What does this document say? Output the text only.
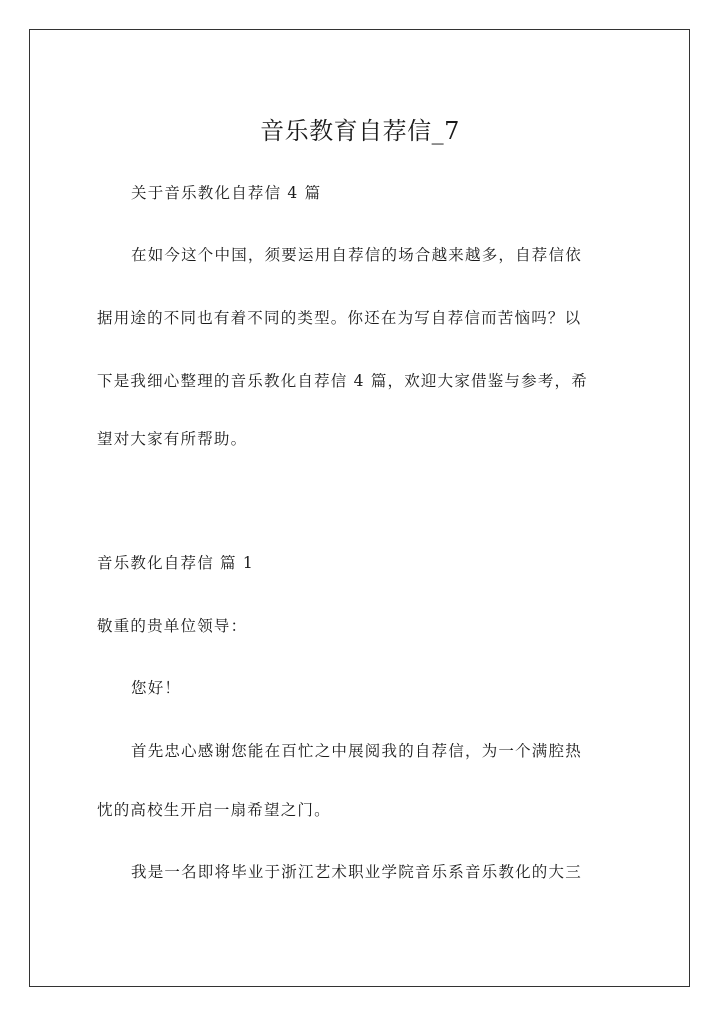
音乐教育自荐信_7
关于音乐教化自荐信 4 篇
在如今这个中国，须要运用自荐信的场合越来越多，自荐信依
据用途的不同也有着不同的类型。你还在为写自荐信而苦恼吗？以
下是我细心整理的音乐教化自荐信 4 篇，欢迎大家借鉴与参考，希
望对大家有所帮助。
音乐教化自荐信 篇 1
敬重的贵单位领导：
您好！
首先忠心感谢您能在百忙之中展阅我的自荐信，为一个满腔热
忱的高校生开启一扇希望之门。
我是一名即将毕业于浙江艺术职业学院音乐系音乐教化的大三
